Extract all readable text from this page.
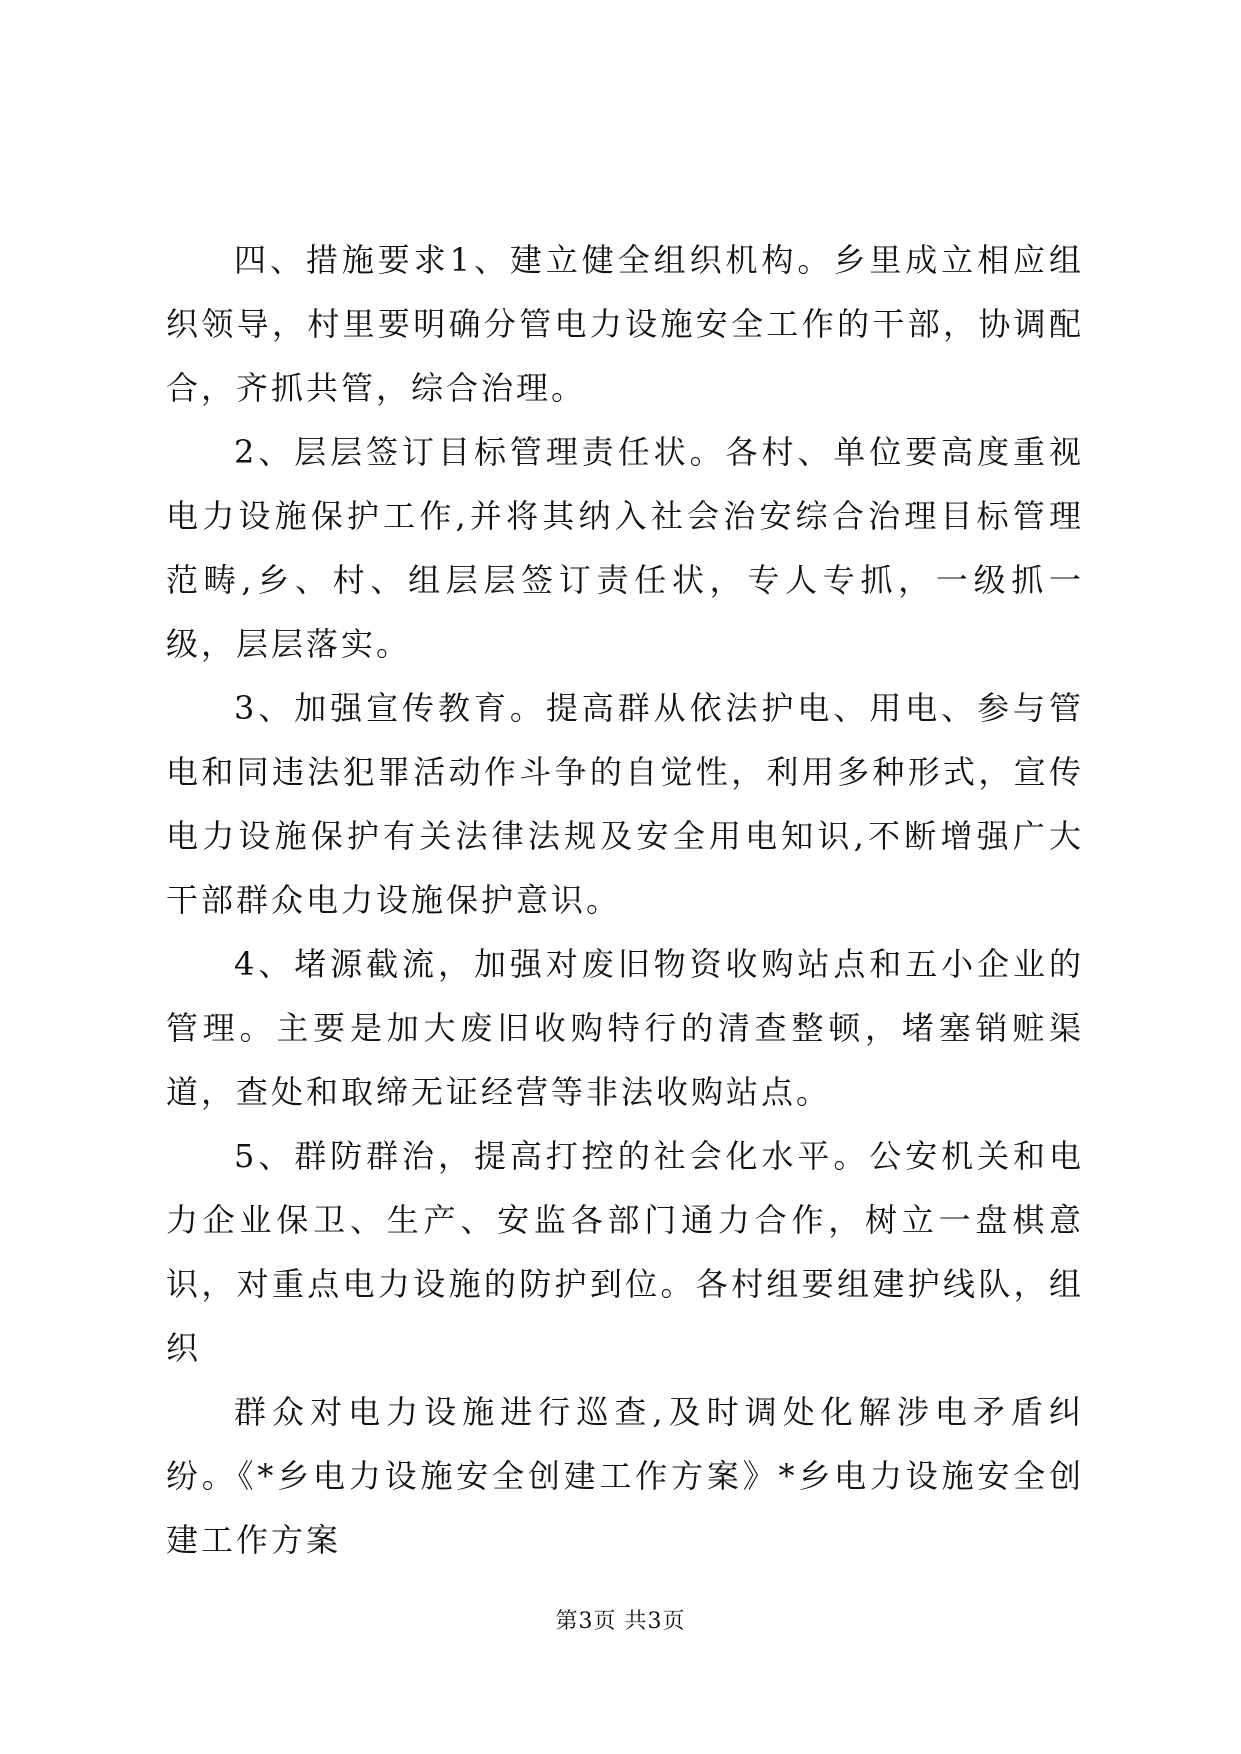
四、措施要求1、建立健全组织机构。乡里成立相应组织领导，村里要明确分管电力设施安全工作的干部，协调配合，齐抓共管，综合治理。

2、层层签订目标管理责任状。各村、单位要高度重视电力设施保护工作,并将其纳入社会治安综合治理目标管理范畴,乡、村、组层层签订责任状，专人专抓，一级抓一级，层层落实。

3、加强宣传教育。提高群从依法护电、用电、参与管电和同违法犯罪活动作斗争的自觉性，利用多种形式，宣传电力设施保护有关法律法规及安全用电知识,不断增强广大干部群众电力设施保护意识。

4、堵源截流，加强对废旧物资收购站点和五小企业的管理。主要是加大废旧收购特行的清查整顿，堵塞销赃渠道，查处和取缔无证经营等非法收购站点。

5、群防群治，提高打控的社会化水平。公安机关和电力企业保卫、生产、安监各部门通力合作，树立一盘棋意识，对重点电力设施的防护到位。各村组要组建护线队，组织

群众对电力设施进行巡查,及时调处化解涉电矛盾纠纷。《*乡电力设施安全创建工作方案》*乡电力设施安全创建工作方案

第3页 共3页
